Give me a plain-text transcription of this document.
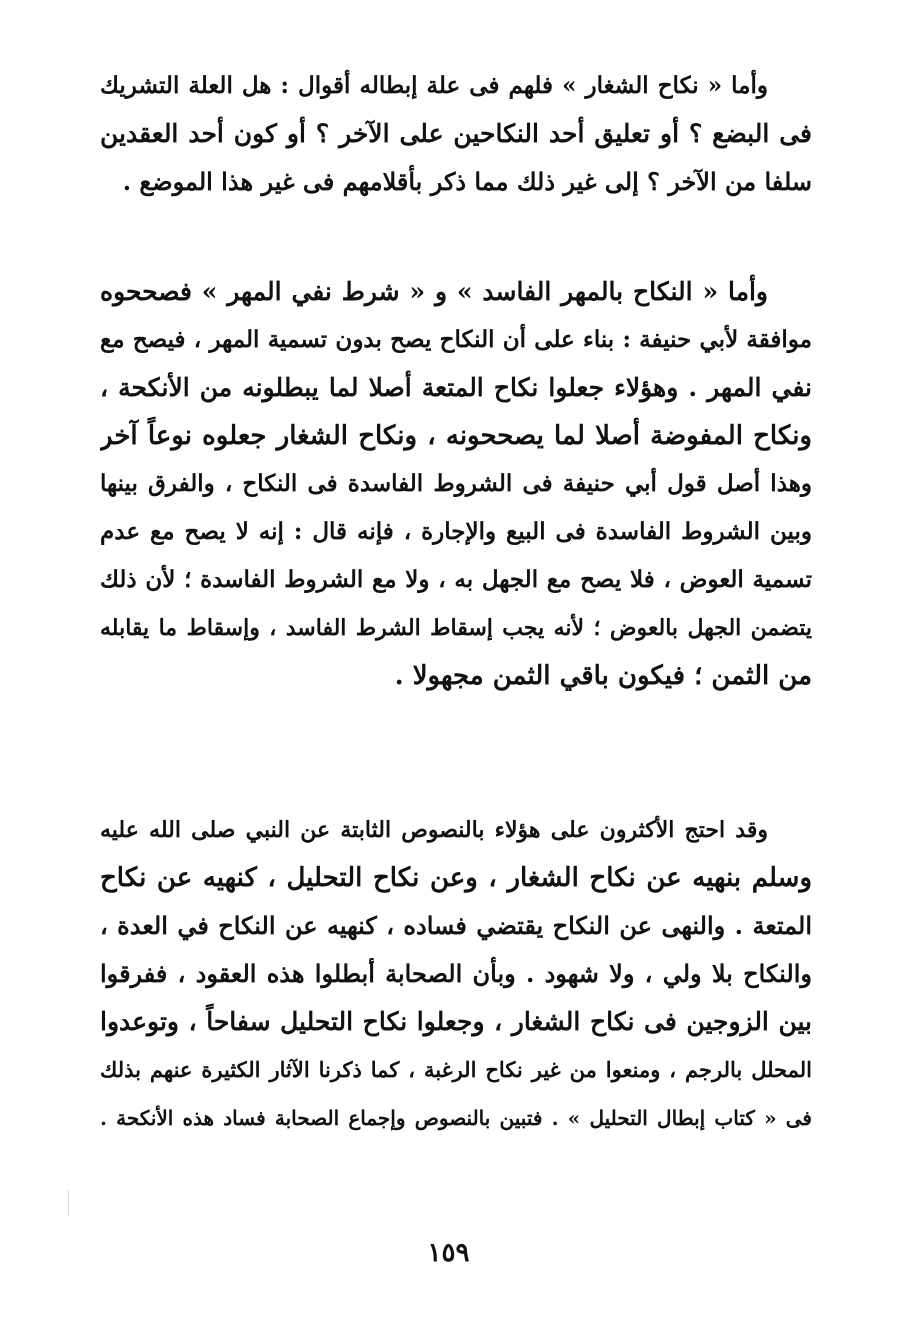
وأما « نكاح الشغار » فلهم فى علة إبطاله أقوال : هل العلة التشريك
فى البضع ؟ أو تعليق أحد النكاحين على الآخر ؟ أو كون أحد العقدين
سلفا من الآخر ؟ إلى غير ذلك مما ذكر بأقلامهم فى غير هذا الموضع .
وأما « النكاح بالمهر الفاسد » و « شرط نفي المهر » فصححوه
موافقة لأبي حنيفة : بناء على أن النكاح يصح بدون تسمية المهر ، فيصح مع
نفي المهر . وهؤلاء جعلوا نكاح المتعة أصلا لما يبطلونه من الأنكحة ،
ونكاح المفوضة أصلا لما يصححونه ، ونكاح الشغار جعلوه نوعاً آخر
وهذا أصل قول أبي حنيفة فى الشروط الفاسدة فى النكاح ، والفرق بينها
وبين الشروط الفاسدة فى البيع والإجارة ، فإنه قال : إنه لا يصح مع عدم
تسمية العوض ، فلا يصح مع الجهل به ، ولا مع الشروط الفاسدة ؛ لأن ذلك
يتضمن الجهل بالعوض ؛ لأنه يجب إسقاط الشرط الفاسد ، وإسقاط ما يقابله
من الثمن ؛ فيكون باقي الثمن مجهولا .
وقد احتج الأكثرون على هؤلاء بالنصوص الثابتة عن النبي صلى الله عليه
وسلم بنهيه عن نكاح الشغار ، وعن نكاح التحليل ، كنهيه عن نكاح
المتعة . والنهى عن النكاح يقتضي فساده ، كنهيه عن النكاح في العدة ،
والنكاح بلا ولي ، ولا شهود . وبأن الصحابة أبطلوا هذه العقود ، ففرقوا
بين الزوجين فى نكاح الشغار ، وجعلوا نكاح التحليل سفاحاً ، وتوعدوا
المحلل بالرجم ، ومنعوا من غير نكاح الرغبة ، كما ذكرنا الآثار الكثيرة عنهم بذلك
فى « كتاب إبطال التحليل » . فتبين بالنصوص وإجماع الصحابة فساد هذه الأنكحة .
١٥٩
